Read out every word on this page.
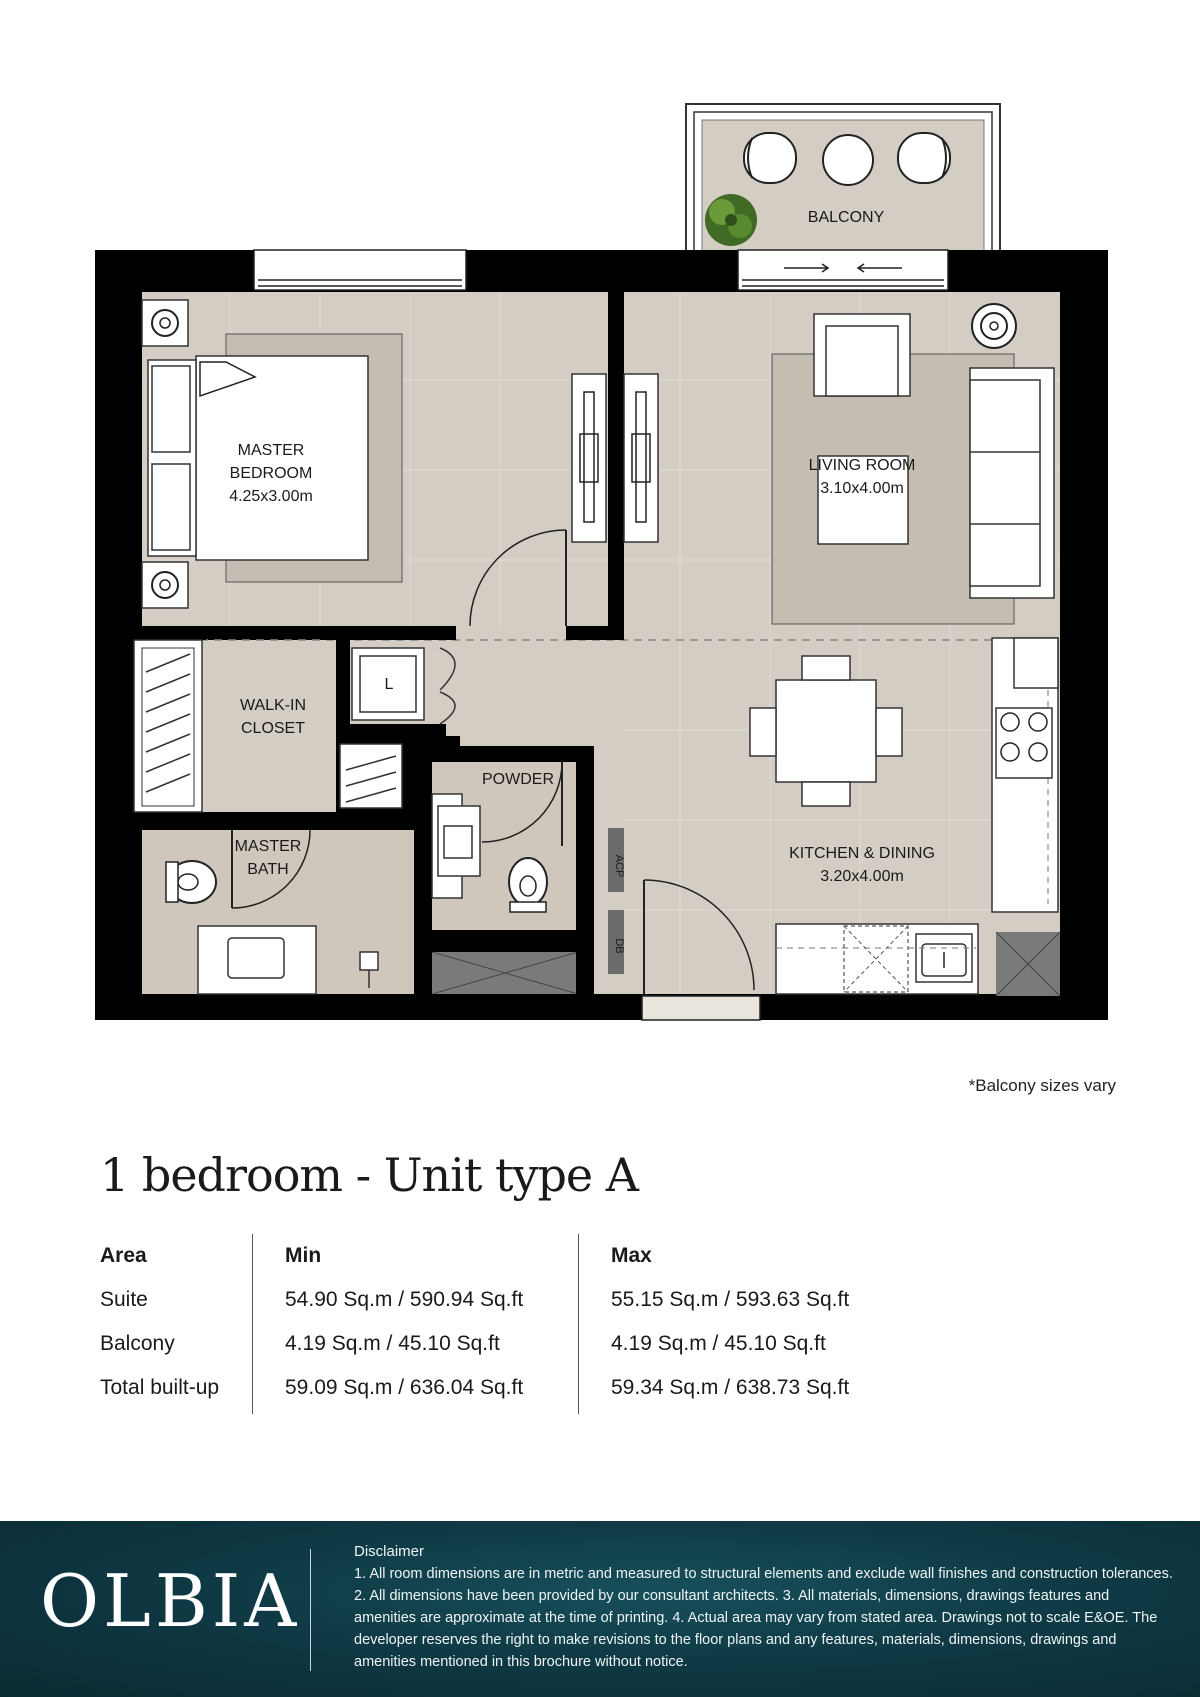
BALCONY
MASTER
BEDROOM
4.25x3.00m
LIVING ROOM
3.10x4.00m
WALK-IN
CLOSET
L
POWDER
MASTER
BATH	ACP
DB
KITCHEN & DINING
3.20x4.00m
*Balcony sizes vary
1 bedroom - Unit type A
Area
Suite
Balcony
Total built-up
Min
54.90 Sq.m / 590.94 Sq.ft
4.19 Sq.m / 45.10 Sq.ft
59.09 Sq.m / 636.04 Sq.ft
Max
55.15 Sq.m / 593.63 Sq.ft
4.19 Sq.m / 45.10 Sq.ft
59.34 Sq.m / 638.73 Sq.ft
OLBIA
Disclaimer
1. All room dimensions are in metric and measured to structural elements and exclude wall finishes and construction tolerances. 2. All dimensions have been provided by our consultant architects. 3. All materials, dimensions, drawings features and amenities are approximate at the time of printing. 4. Actual area may vary from stated area. Drawings not to scale E&OE. The developer reserves the right to make revisions to the floor plans and any features, materials, dimensions, drawings and amenities mentioned in this brochure without notice.
